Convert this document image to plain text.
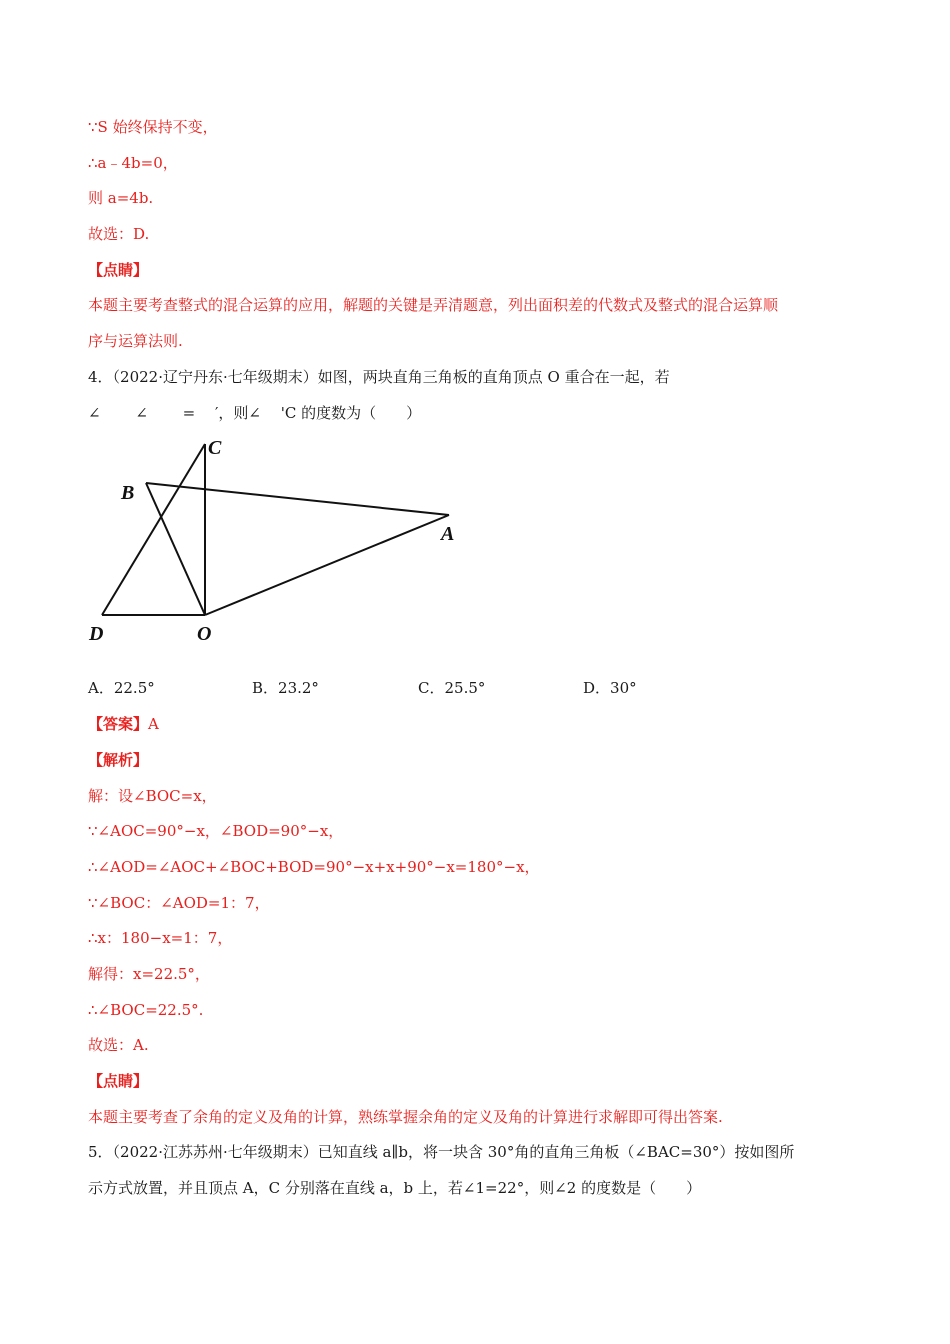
∵S 始终保持不变，
∴a﹣4b=0，
则 a=4b.
故选：D.
【点睛】
本题主要考查整式的混合运算的应用，解题的关键是弄清题意，列出面积差的代数式及整式的混合运算顺
序与运算法则.
4．（2022·辽宁丹东·七年级期末）如图，两块直角三角板的直角顶点 O 重合在一起，若
∠　　 ∠　　 =　 ′，则∠　 'C 的度数为（　　）
C
B
A
D	O
A．22.5°	B．23.2°	C．25.5°	D．30°
【答案】A
【解析】
解：设∠BOC=x，
∵∠AOC=90°−x，∠BOD=90°−x，
∴∠AOD=∠AOC+∠BOC+BOD=90°−x+x+90°−x=180°−x，
∵∠BOC：∠AOD=1：7，
∴x：180−x=1：7，
解得：x=22.5°，
∴∠BOC=22.5°.
故选：A.
【点睛】
本题主要考查了余角的定义及角的计算，熟练掌握余角的定义及角的计算进行求解即可得出答案.
5．（2022·江苏苏州·七年级期末）已知直线 a∥b，将一块含 30°角的直角三角板（∠BAC=30°）按如图所
示方式放置，并且顶点 A，C 分别落在直线 a，b 上，若∠1=22°，则∠2 的度数是（　　）
